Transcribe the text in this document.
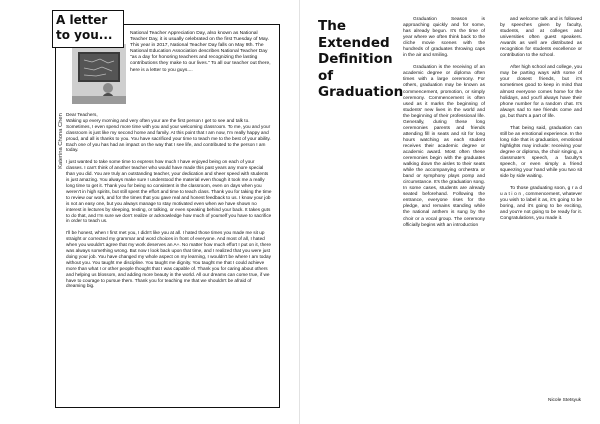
A letter to you...
Katerina Chona Chen
National Teacher Appreciation Day, also known as National Teacher Day, it is usually celebrated on the first Tuesday of May. This year in 2017, National Teacher Day falls on May 9th. The National Education Association describes National Teacher Day "as a day for honoring teachers and recognizing the lasting contributions they make to our lives." To all our teacher out there, here is a letter to you guys....

Dear Teachers,

Waking up every morning and very often your are the first person I get to see and talk to. Sometimes, I even spend more time with you and your welcoming classroom. To me, you and your classroom is just like my second home and family. At this point that I am now, I'm really happy and proud, and all is thanks to you. You have sacrificed your time to teach me to the best of your ability. Each one of you has had an impact on the way that I see life, and contributed to the person I am today.

I just wanted to take some time to express how much I have enjoyed being on each of your classes. I can't think of another teacher who would have made this past years any more special than you did. You are truly an outstanding teacher, your dedication and sheer speed with students is just amazing. You always make sure I understood the material even though it took me a really long time to get it. Thank you for being so consistent in the classroom, even on days when you weren't in high spirits, but still spent the effort and time to teach class. Thank you for taking the time to review our work, and for the times that you gave real and honest feedback to us. I know your job is not an easy one, but you always manage to stay motivated even when we have shown no interest in lectures by sleeping, texting, or talking, or even speaking behind your back. It takes guts to do that, and I'm sure we don't realize or acknowledge how much of yourself you have to sacrifice in order to teach us.

I'll be honest, when I first met you, I didn't like you at all. I hated those times you made me sit up straight or corrected my grammar and word choices in front of everyone. And most of all, I hated when you wouldn't agree that my work deserves an A+. No matter how much effort I put on it, there was always something wrong. But now I look back upon that time, and I realized that you were just doing your job. You have changed my whole aspect on my learning, I wouldn't be where I am today without you. You taught me discipline. You taught me dignity. You taught me that I could achieve more than what I or other people thought that I was capable of. Thank you for caring about others and helping us blossom, and adding more beauty in the world. All our dreams can come true, if we have to courage to pursue them. Thank you for teaching me that we shouldn't be afraid of dreaming big.

The
Extended
Definition
of
Graduation

Graduation Season is approaching quickly and for some, has already begun. It's the time of year where we often think back to the cliche movie scenes with the hundreds of graduates throwing caps in the air and smiling.

Graduation is the receiving of an academic degree or diploma often times with a large ceremony. For others, graduation may be known as commencement, promotion, or simply ceremony. Commencement is often used as it marks the beginning of students' new lives in the world and the beginning of their professional life. Generally, during these long ceremonies parents and friends attending fill in seats and sit for long hours watching as each student receives their academic degree or academic award. Most often these ceremonies begin with the graduates walking down the aisles to their seats while the accompanying orchestra or band or symphony plays pomp and circumstance. It's the graduation song. In some cases, students are already seated beforehand. Following the entrance, everyone rises for the pledge, and remains standing while the national anthem is sung by the choir or a vocal group. The ceremony officially begins with an introduction

and welcome talk and is followed by speeches given by faculty, students, and at colleges and universities often guest speakers. Awards as well are distributed as recognition for students excellence or contribution to the school.

After high school and college, you may be parting ways with some of your closest friends, but it's sometimes good to keep in mind that almost everyone comes home for the holidays, and you'll always have their phone number for a random chat. It's always sad to see friends come and go, but that's a part of life.

That being said, graduation can still be an emotional experience. In the long ride that is graduation, emotional highlights may include: receiving your degree or diploma, the choir singing, a classmate's speech, a faculty's speech, or even simply a friend squeezing your hand while you two sit side by side waiting.

To those graduating soon, g r a d u a t i o n , commencement, whatever you wish to label it as, it's going to be boring, and it's going to be exciting, and you're not going to be ready for it. Congratulations, you made it.

Nicole Stetsyuk
